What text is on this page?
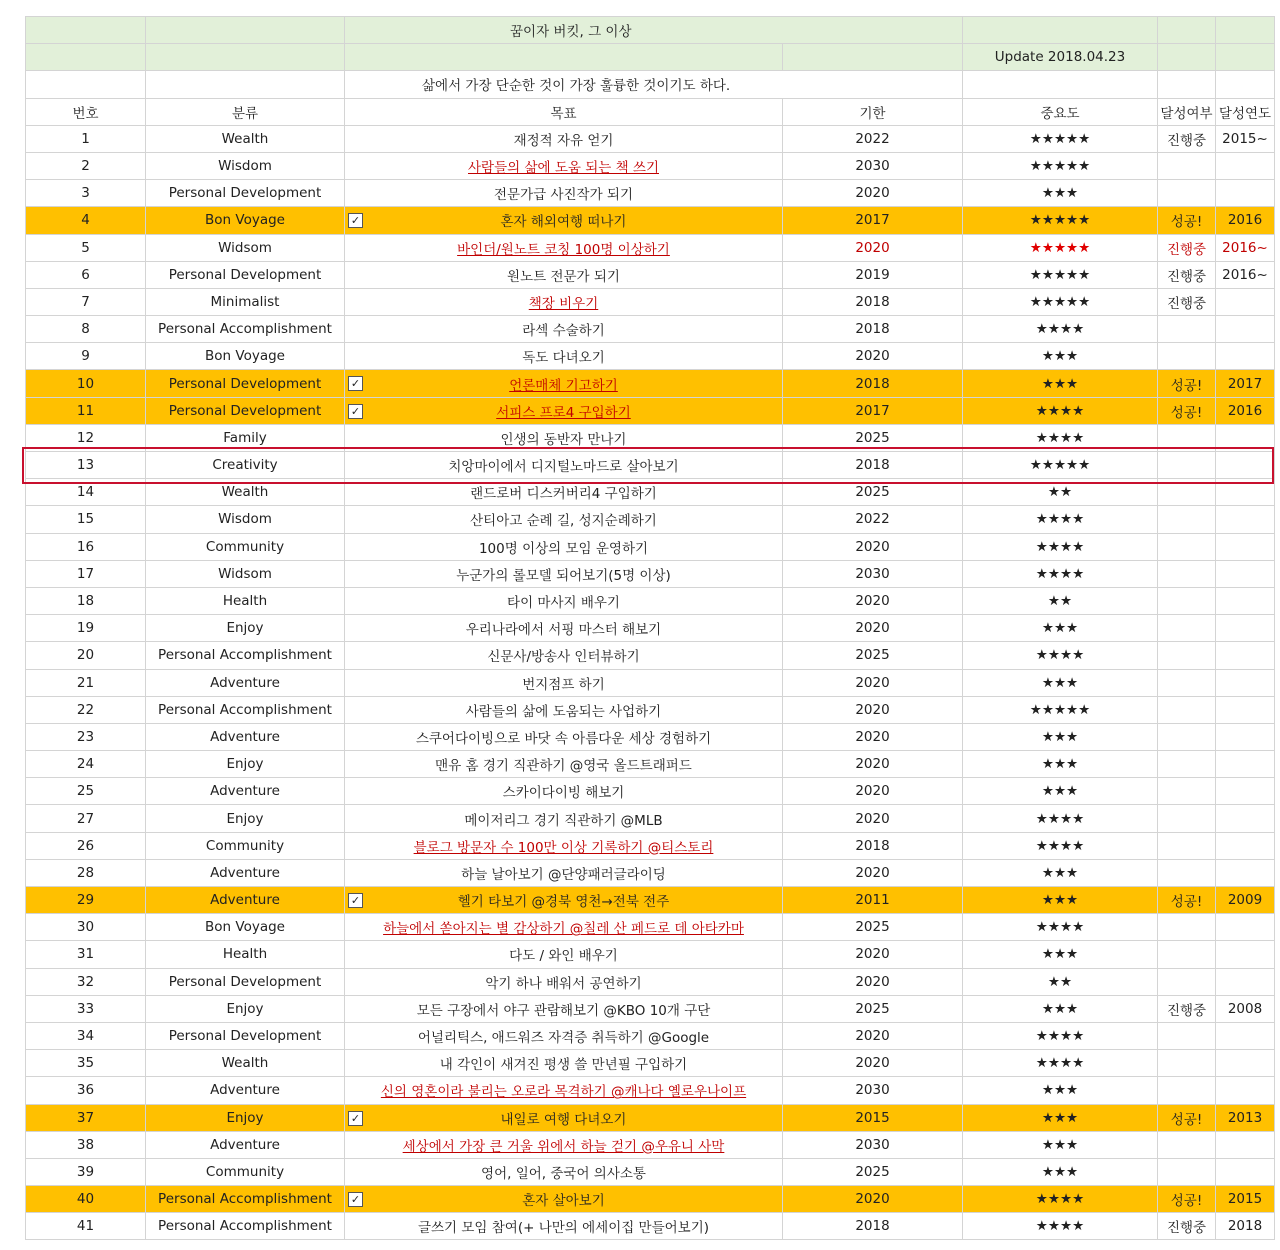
		꿈이자 버킷, 그 이상				
				Update 2018.04.23		
		삶에서 가장 단순한 것이 가장 훌륭한 것이기도 하다.				
번호	분류	목표	기한	중요도	달성여부	달성연도
1	Wealth	재정적 자유 얻기	2022	★★★★★	진행중	2015~
2	Wisdom	사람들의 삶에 도움 되는 책 쓰기	2030	★★★★★		
3	Personal Development	전문가급 사진작가 되기	2020	★★★		
4	Bon Voyage	✓ 혼자 해외여행 떠나기	2017	★★★★★	성공!	2016
5	Widsom	바인더/원노트 코칭 100명 이상하기	2020	★★★★★	진행중	2016~
6	Personal Development	원노트 전문가 되기	2019	★★★★★	진행중	2016~
7	Minimalist	책장 비우기	2018	★★★★★	진행중	
8	Personal Accomplishment	라섹 수술하기	2018	★★★★		
9	Bon Voyage	독도 다녀오기	2020	★★★		
10	Personal Development	✓ 언론매체 기고하기	2018	★★★	성공!	2017
11	Personal Development	✓ 서피스 프로4 구입하기	2017	★★★★	성공!	2016
12	Family	인생의 동반자 만나기	2025	★★★★		
13	Creativity	치앙마이에서 디지털노마드로 살아보기	2018	★★★★★		
14	Wealth	랜드로버 디스커버리4 구입하기	2025	★★		
15	Wisdom	산티아고 순례 길, 성지순례하기	2022	★★★★		
16	Community	100명 이상의 모임 운영하기	2020	★★★★		
17	Widsom	누군가의 롤모델 되어보기(5명 이상)	2030	★★★★		
18	Health	타이 마사지 배우기	2020	★★		
19	Enjoy	우리나라에서 서핑 마스터 해보기	2020	★★★		
20	Personal Accomplishment	신문사/방송사 인터뷰하기	2025	★★★★		
21	Adventure	번지점프 하기	2020	★★★		
22	Personal Accomplishment	사람들의 삶에 도움되는 사업하기	2020	★★★★★		
23	Adventure	스쿠어다이빙으로 바닷 속 아름다운 세상 경험하기	2020	★★★		
24	Enjoy	맨유 홈 경기 직관하기 @영국 올드트래퍼드	2020	★★★		
25	Adventure	스카이다이빙 해보기	2020	★★★		
27	Enjoy	메이저리그 경기 직관하기 @MLB	2020	★★★★		
26	Community	블로그 방문자 수 100만 이상 기록하기 @티스토리	2018	★★★★		
28	Adventure	하늘 날아보기 @단양패러글라이딩	2020	★★★		
29	Adventure	✓ 헬기 타보기 @경북 영천→전북 전주	2011	★★★	성공!	2009
30	Bon Voyage	하늘에서 쏟아지는 별 감상하기 @칠레 산 페드로 데 아타카마	2025	★★★★		
31	Health	다도 / 와인 배우기	2020	★★★		
32	Personal Development	악기 하나 배워서 공연하기	2020	★★		
33	Enjoy	모든 구장에서 야구 관람해보기 @KBO 10개 구단	2025	★★★	진행중	2008
34	Personal Development	어널리틱스, 애드워즈 자격증 취득하기 @Google	2020	★★★★		
35	Wealth	내 각인이 새겨진 평생 쓸 만년필 구입하기	2020	★★★★		
36	Adventure	신의 영혼이라 불리는 오로라 목격하기 @캐나다 옐로우나이프	2030	★★★		
37	Enjoy	✓ 내일로 여행 다녀오기	2015	★★★	성공!	2013
38	Adventure	세상에서 가장 큰 거울 위에서 하늘 걷기 @우유니 사막	2030	★★★		
39	Community	영어, 일어, 중국어 의사소통	2025	★★★		
40	Personal Accomplishment	✓ 혼자 살아보기	2020	★★★★	성공!	2015
41	Personal Accomplishment	글쓰기 모임 참여(+ 나만의 에세이집 만들어보기)	2018	★★★★	진행중	2018
